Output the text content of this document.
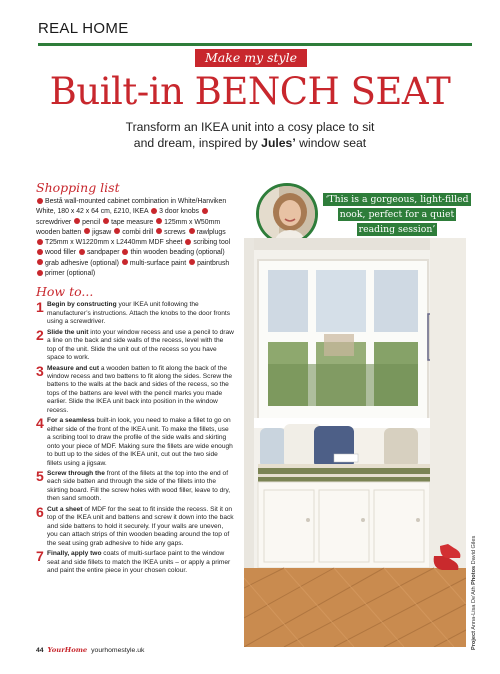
REAL HOME
Make my style
Built-in BENCH SEAT
Transform an IKEA unit into a cosy place to sit
and dream, inspired by Jules’ window seat
‘This is a gorgeous, light-filled nook, perfect for a quiet reading session’
Shopping list
Bestå wall-mounted cabinet combination in White/Hanviken White, 180 x 42 x 64 cm, £210, IKEA 3 door knobs screwdriver pencil tape measure 125mm x W50mm wooden batten jigsaw combi drill screws rawlplugs T25mm x W1220mm x L2440mm MDF sheet scribing tool wood filler sandpaper thin wooden beading (optional) grab adhesive (optional) multi-surface paint paintbrush primer (optional)
How to...
1 Begin by constructing your IKEA unit following the manufacturer’s instructions. Attach the knobs to the door fronts using a screwdriver.
2 Slide the unit into your window recess and use a pencil to draw a line on the back and side walls of the recess, level with the top of the unit. Slide the unit out of the recess so you have space to work.
3 Measure and cut a wooden batten to fit along the back of the window recess and two battens to fit along the sides. Screw the battens to the walls at the back and sides of the recess, so the tops of the battens are level with the pencil marks you made earlier. Slide the IKEA unit back into position in the window recess.
4 For a seamless built-in look, you need to make a fillet to go on either side of the front of the IKEA unit. To make the fillets, use a scribing tool to draw the profile of the side walls and skirting onto your piece of MDF. Making sure the fillets are wide enough to butt up to the sides of the IKEA unit, cut out the two side fillets using a jigsaw.
5 Screw through the front of the fillets at the top into the end of each side batten and through the side of the fillets into the skirting board. Fill the screw holes with wood filler, leave to dry, then sand smooth.
6 Cut a sheet of MDF for the seat to fit inside the recess. Sit it on top of the IKEA unit and battens and screw it down into the back and side battens to hold it securely. If your walls are uneven, you can attach strips of thin wooden beading around the top of the seat using grab adhesive to hide any gaps.
7 Finally, apply two coats of multi-surface paint to the window seat and side fillets to match the IKEA units – or apply a primer and paint the entire piece in your chosen colour.
Project Anna-Lisa De'Ath Photos David Giles
44 YourHome yourhomestyle.uk
